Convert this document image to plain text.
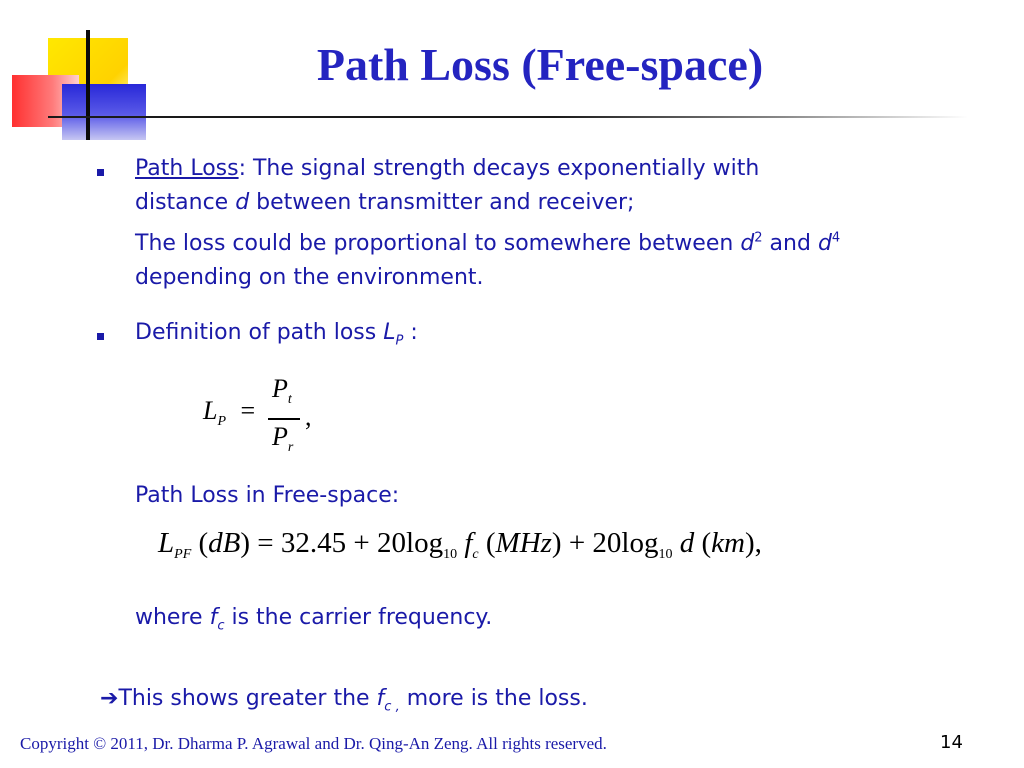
Path Loss (Free-space)
Path Loss: The signal strength decays exponentially with
distance d between transmitter and receiver;
The loss could be proportional to somewhere between $d^2$ and $d^4$
depending on the environment.
Definition of path loss $L_P$ :
$L_P$ =
$P_t$
$P_r$
,
Path Loss in Free-space:
$L_{PF}$ $(dB) = 32.45 + 20\log_{10}$ $f_c$ $(MHz) + 20\log_{10}$ d (km),
where $f_c$ is the carrier frequency.
➔This shows greater the $f_{c ,}$ more is the loss.
Copyright © 2011, Dr. Dharma P. Agrawal and Dr. Qing-An Zeng. All rights reserved.	14
